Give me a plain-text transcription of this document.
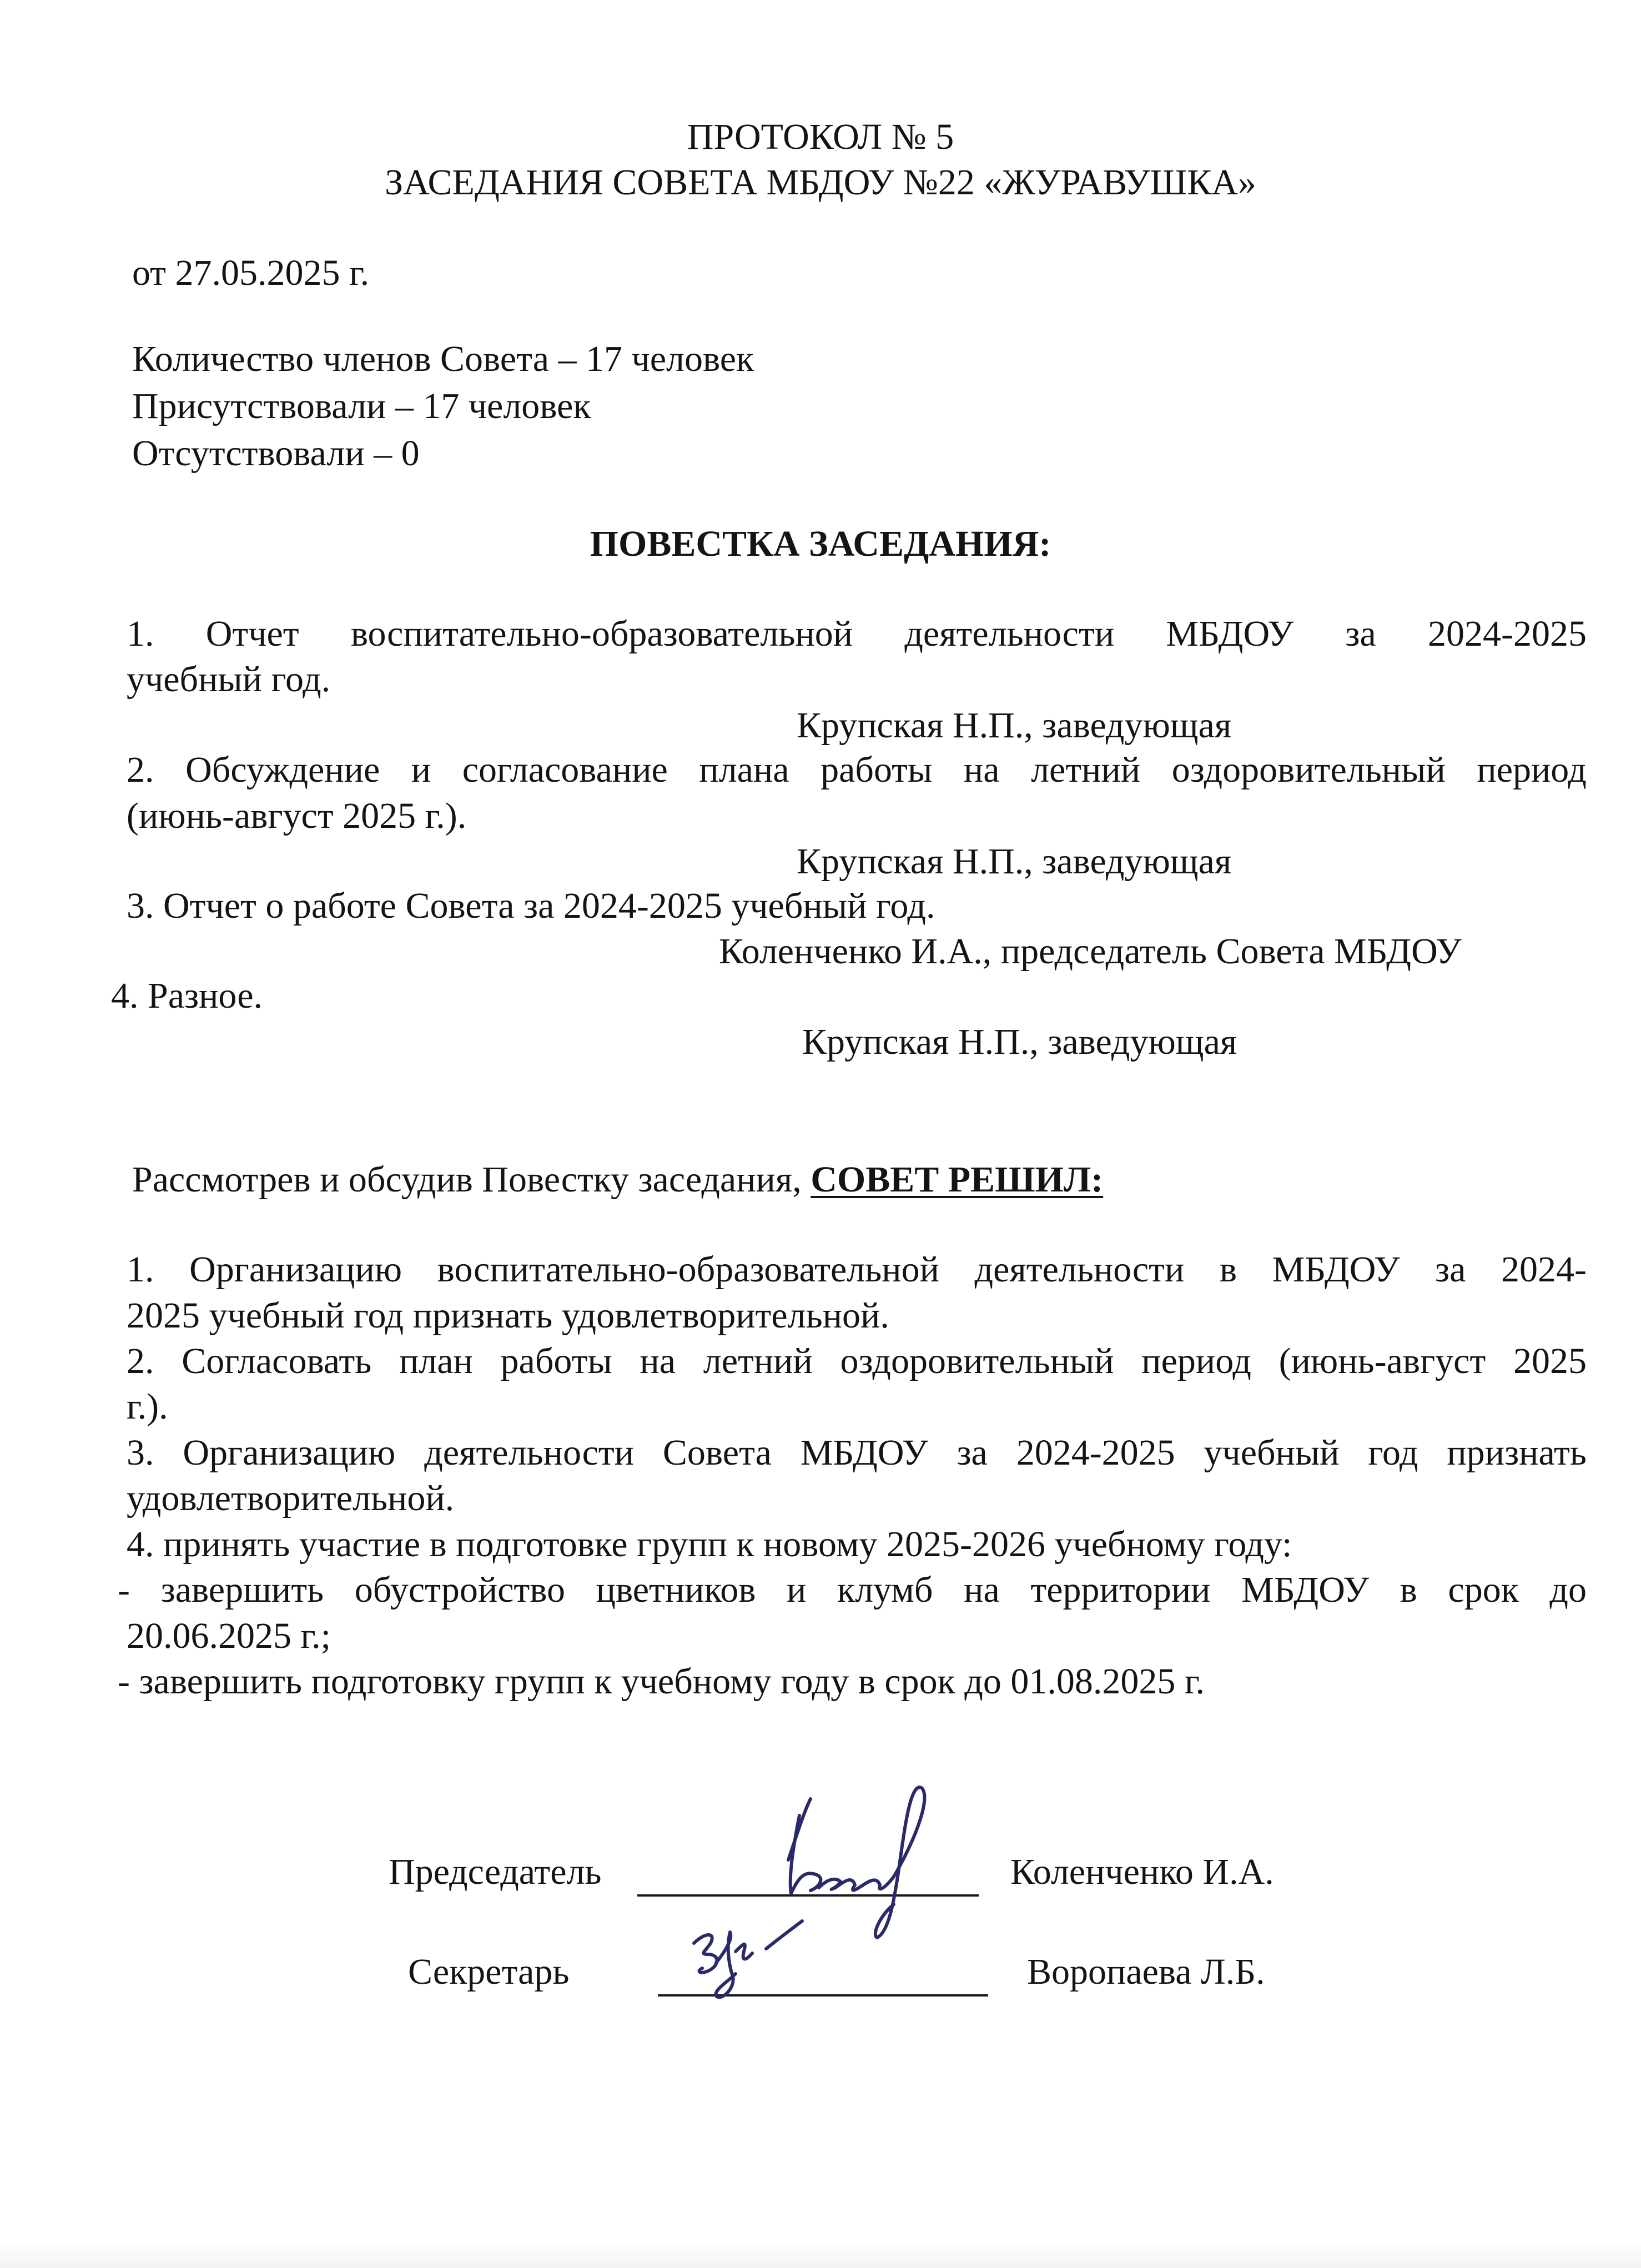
ПРОТОКОЛ № 5
ЗАСЕДАНИЯ СОВЕТА МБДОУ №22 «ЖУРАВУШКА»
от 27.05.2025 г.
Количество членов Совета – 17 человек
Присутствовали – 17 человек
Отсутствовали – 0
ПОВЕСТКА ЗАСЕДАНИЯ:
1. Отчет воспитательно-образовательной деятельности МБДОУ за 2024-2025
учебный год.
Крупская Н.П., заведующая
2. Обсуждение и согласование плана работы на летний оздоровительный период
(июнь-август 2025 г.).
Крупская Н.П., заведующая
3. Отчет о работе Совета за 2024-2025 учебный год.
Коленченко И.А., председатель Совета МБДОУ
4. Разное.
Крупская Н.П., заведующая
Рассмотрев и обсудив Повестку заседания, СОВЕТ РЕШИЛ:
1. Организацию воспитательно-образовательной деятельности в МБДОУ за 2024-
2025 учебный год признать удовлетворительной.
2. Согласовать план работы на летний оздоровительный период (июнь-август 2025
г.).
3. Организацию деятельности Совета МБДОУ за 2024-2025 учебный год признать
удовлетворительной.
4. принять участие в подготовке групп к новому 2025-2026 учебному году:
- завершить обустройство цветников и клумб на территории МБДОУ в срок до
20.06.2025 г.;
- завершить подготовку групп к учебному году в срок до 01.08.2025 г.
Председатель	Коленченко И.А.
Секретарь	Воропаева Л.Б.
